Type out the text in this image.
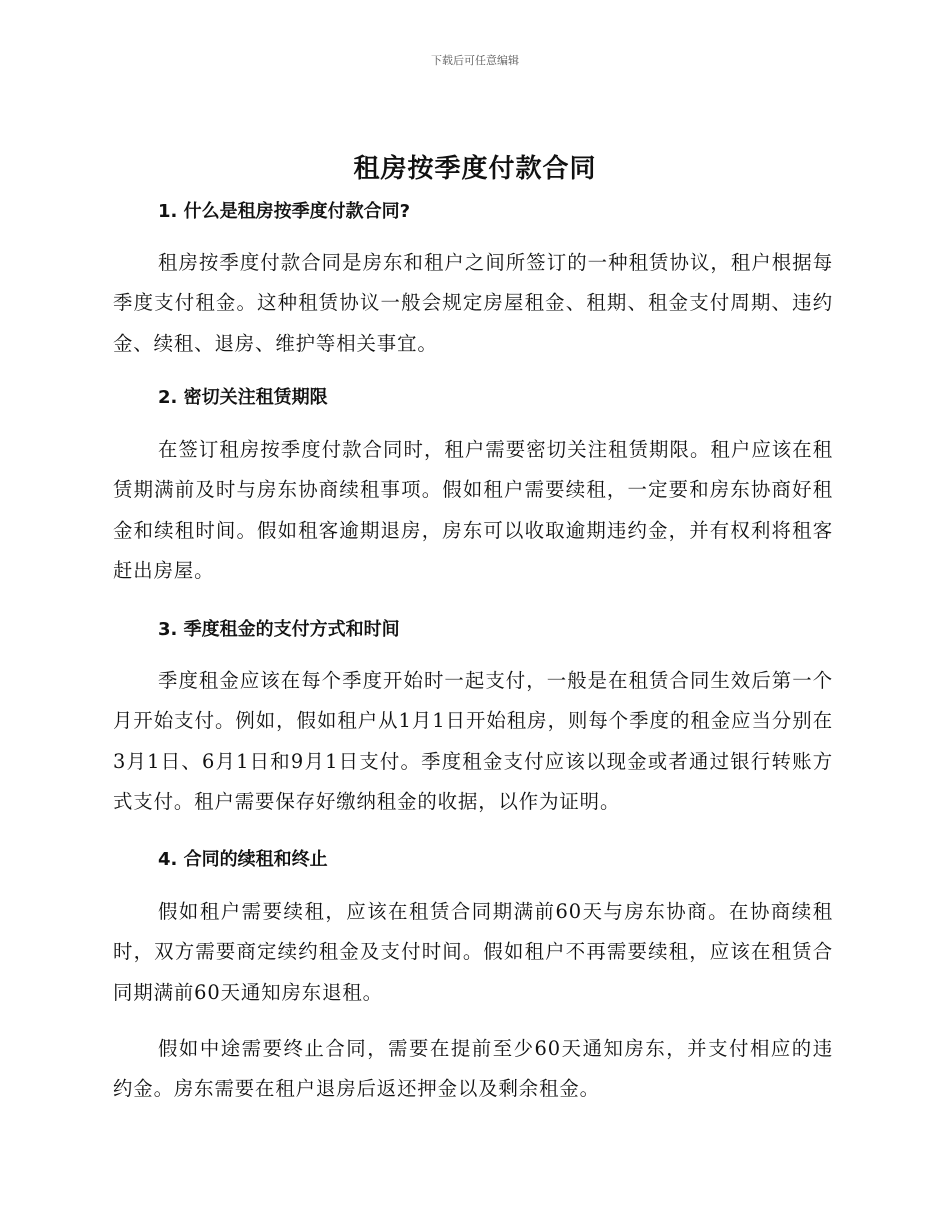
下载后可任意编辑
租房按季度付款合同
1. 什么是租房按季度付款合同?
租房按季度付款合同是房东和租户之间所签订的一种租赁协议，租户根据每季度支付租金。这种租赁协议一般会规定房屋租金、租期、租金支付周期、违约金、续租、退房、维护等相关事宜。
2. 密切关注租赁期限
在签订租房按季度付款合同时，租户需要密切关注租赁期限。租户应该在租赁期满前及时与房东协商续租事项。假如租户需要续租，一定要和房东协商好租金和续租时间。假如租客逾期退房，房东可以收取逾期违约金，并有权利将租客赶出房屋。
3. 季度租金的支付方式和时间
季度租金应该在每个季度开始时一起支付，一般是在租赁合同生效后第一个月开始支付。例如，假如租户从1月1日开始租房，则每个季度的租金应当分别在3月1日、6月1日和9月1日支付。季度租金支付应该以现金或者通过银行转账方式支付。租户需要保存好缴纳租金的收据，以作为证明。
4. 合同的续租和终止
假如租户需要续租，应该在租赁合同期满前60天与房东协商。在协商续租时，双方需要商定续约租金及支付时间。假如租户不再需要续租，应该在租赁合同期满前60天通知房东退租。
假如中途需要终止合同，需要在提前至少60天通知房东，并支付相应的违约金。房东需要在租户退房后返还押金以及剩余租金。
